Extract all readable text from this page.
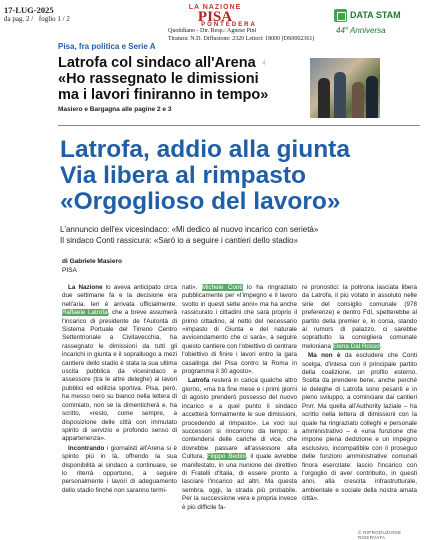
17-LUG-2025
da pag. 2 / foglio 1 / 2
LA NAZIONE
PISA
PONTEDERA
Quotidiano - Dir. Resp.: Agnese Pini
Tiratura: N.D. Diffusione: 2320 Lettori: 18000 (DS0002361)
DATA STAM
44° Anniversa
Pisa, fra politica e Serie A
Latrofa col sindaco all'Arena
«Ho rassegnato le dimissioni
ma i lavori finiranno in tempo»
4
Masiero e Bargagna alle pagine 2 e 3
Latrofa, addio alla giunta
Via libera al rimpasto
«Orgoglioso del lavoro»
L'annuncio dell'ex vicesindaco: «Mi dedico al nuovo incarico con serietà»
Il sindaco Conti rassicura: «Sarò io a seguire i cantieri dello stadio»
di Gabriele Masiero
PISA

La Nazione lo aveva anticipato circa due settimane fa e la decisione era nell'aria. Ieri è arrivata ufficialmente. Raffaele Latrofa, che a breve assumerà l'incarico di presidente de l'Autorità di Sistema Portuale del Tirreno Centro Settentrionale a Civitavecchia, ha rassegnato le dimissioni da tutti gli incarichi in giunta e il sopralluogo a mezi cantiere dello stadio è stata la sua ultima uscita pubblica da vicesindaco e assessore (tra le altre deleghe) ai lavori pubblici ed edilizia sportiva. Pisa, però, ha messo nero su bianco nella lettera di commiato, non se la dimenticherà e, ha scritto, «resto, come sempre, a disposizione delle città con immutato spirito di servizio e profondo senso di appartenenza».

Incontrando i giornalisti all'Arena si è spinto più in là, offrendo la sua disponibilità ai sindaco a continuare, se lo riterrà opportuno, a seguire personalmente i lavori di adeguamento dello stadio finché non saranno termi-

nati». Michele Conti lo ha ringraziato pubblicamente per «l'impegno e il lavoro svolto in questi sette anni» ma ha anche rassicurato i cittadini che sarà proprio il primo cittadino, al netto del necessario «impasto di Giunta e del naturale avvicendamento che ci sarà», a seguire questo cantiere con l'obiettivo di centrare l'obiettivo di finire i lavori entro la gara casalinga del Pisa contro la Roma in programma il 30 agosto».

Latrofa resterà in carica qualche altro giorno, «ma tra fine mese e i primi giorni di agosto prenderò possesso del nuovo incarico e a quel punto il sindaco accetterà formalmente le sue dimissioni, procedendo al rimpasto». Le voci sui successori si rincorrono da tempo: a contendersi delle cariche di vice, che dovrebbe passare all'assessore alla Cultura, Filippo Bedini, il quale avrebbe manifestato, in una riunione dei direttivo di Fratelli d'Italia, di essere pronto a lasciare l'incarico ad altri. Ma questa sembra, oggi, la strada più probabile. Per la successione vera e propria invece è più difficile fa-

re pronostici: la poltrona lasciata libera da Latrofa, il più votato in assoluto nelle sirie del consiglio comunale (978 preferenze) e dentro FdI, spetterebbe al partito della premier e, in corsa, stando ai rumors di palazzo, ci sarebbe soprattutto la consigliera comunale meloniana Elena Dal Rosso.

Ma non è da escludere che Conti scelga, d'intesa con il principale partito della coalizione, un profilo esterno. Scelta da prendere bene, anche perché le deleghe di Latrofa sono pesanti e in pieno sviluppo, a cominciare dai cantieri Pnrr. Ma quella all'Authority laziale – ha scritto nella lettera di dimissioni con la quale ha ringraziato colleghi e personale amministrativo – è «una funzione che impone piena dedizione e un impegno esclusivo, incompatibile con il proseguo delle funzioni amministrative comunali finora esercitate: lascio l'incarico con l'orgoglio di aver contribuito, in questi anni, alla crescita infrastrutturale, ambientale e sociale della nostra amata città».

© RIPRODUZIONE RISERVATA
